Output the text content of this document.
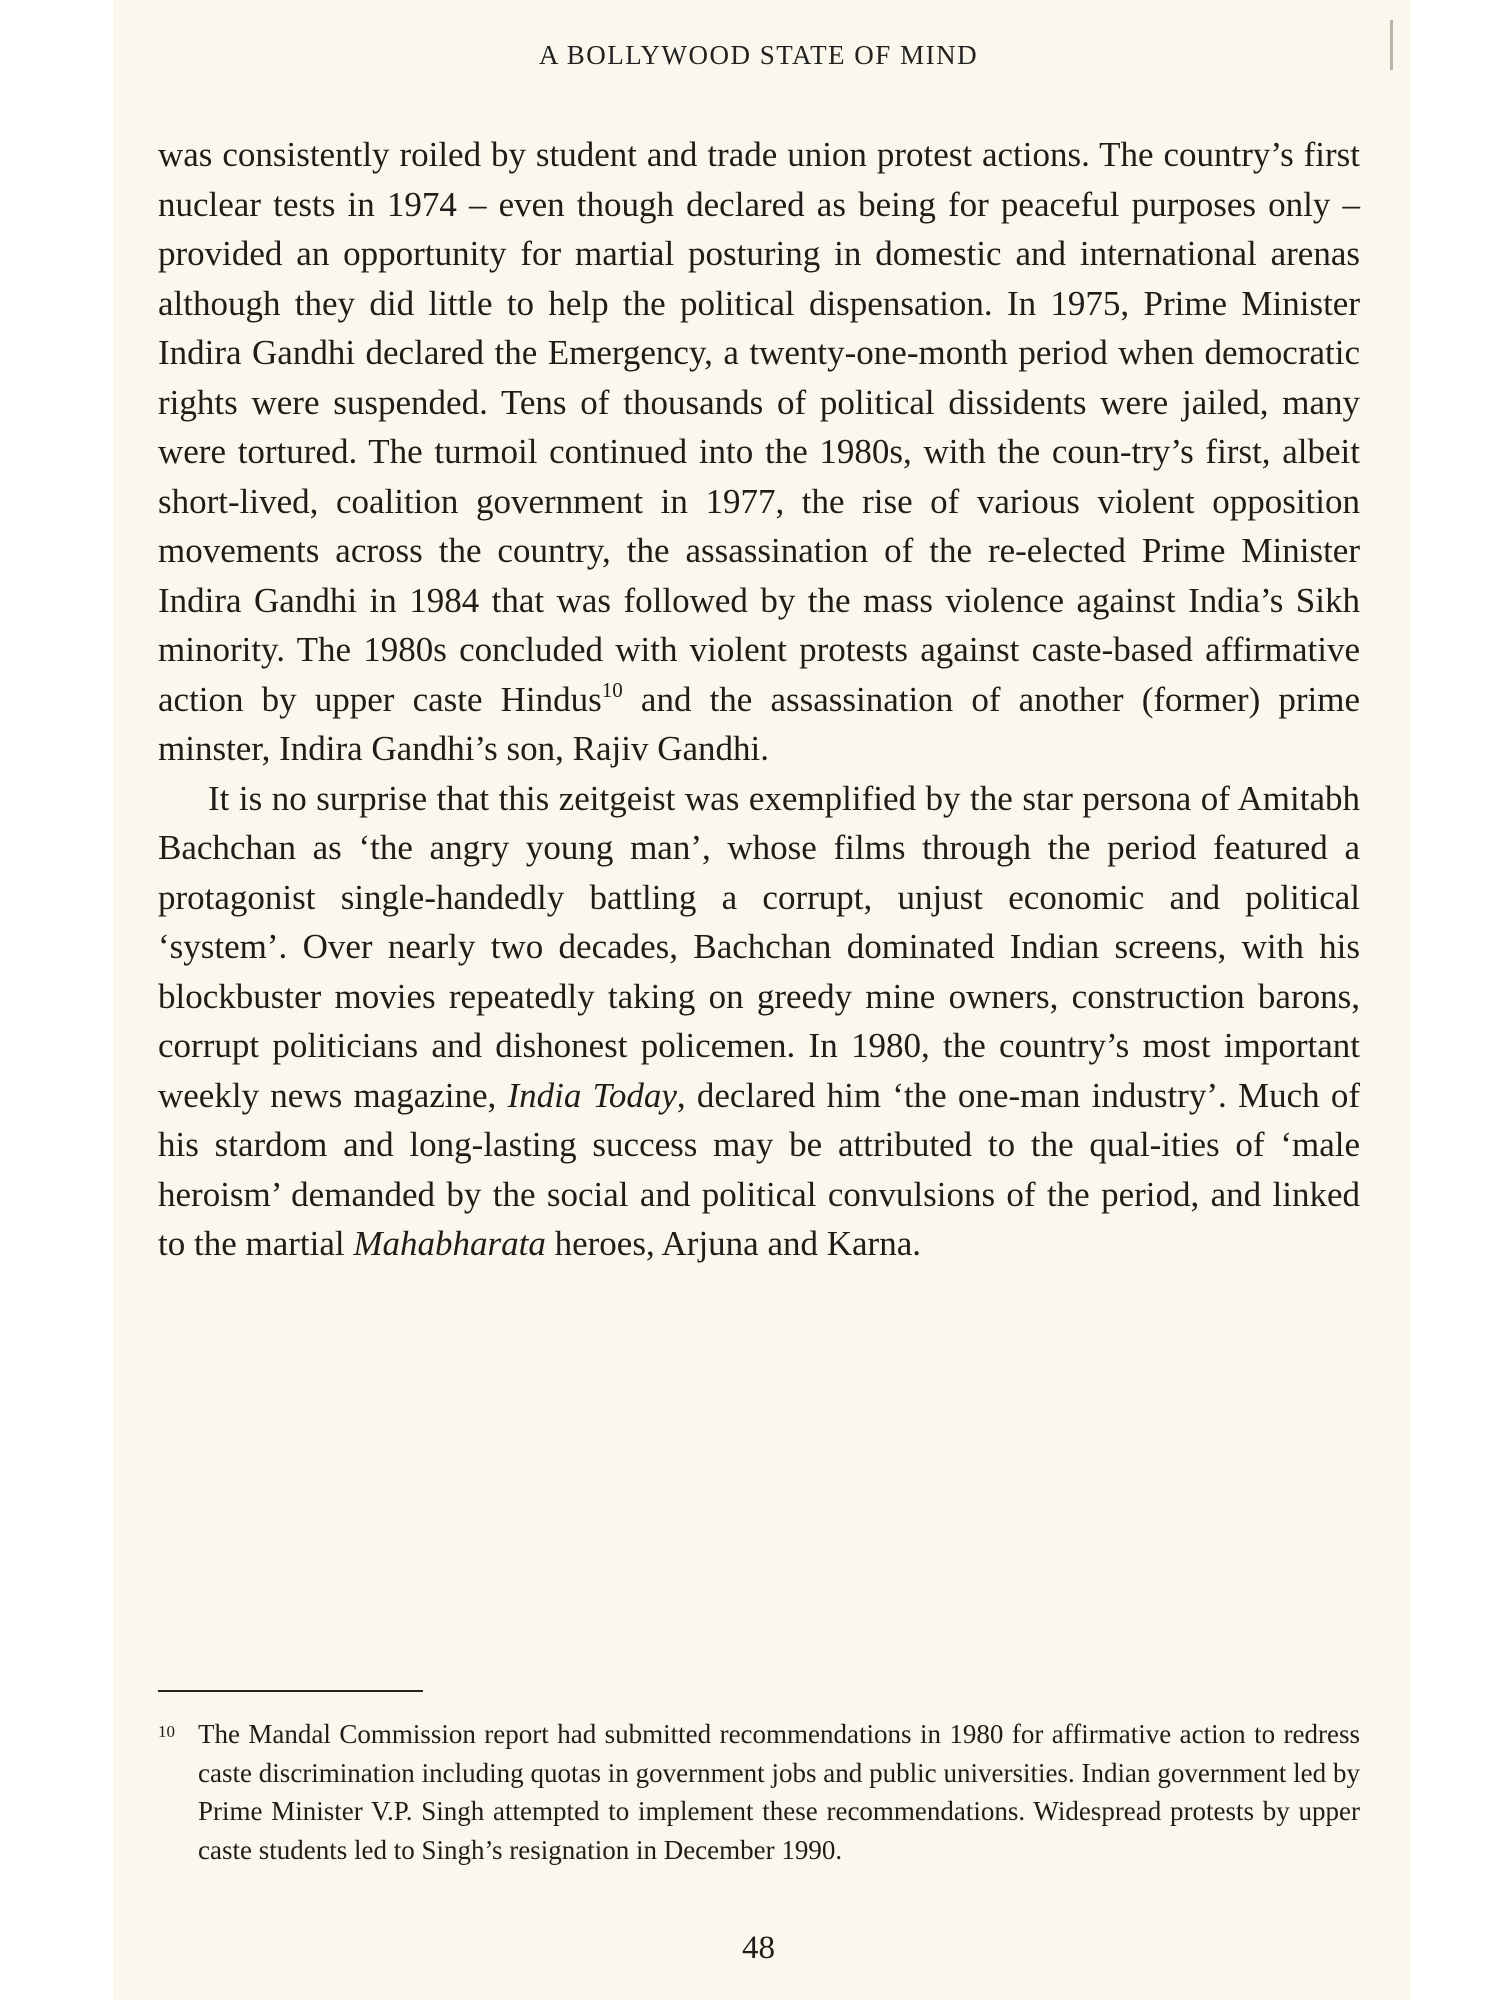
A BOLLYWOOD STATE OF MIND

was consistently roiled by student and trade union protest actions. The country’s first nuclear tests in 1974 – even though declared as being for peaceful purposes only – provided an opportunity for martial posturing in domestic and international arenas although they did little to help the political dispensation. In 1975, Prime Minister Indira Gandhi declared the Emergency, a twenty-one-month period when democratic rights were suspended. Tens of thousands of political dissidents were jailed, many were tortured. The turmoil continued into the 1980s, with the coun-try’s first, albeit short-lived, coalition government in 1977, the rise of various violent opposition movements across the country, the assassination of the re-elected Prime Minister Indira Gandhi in 1984 that was followed by the mass violence against India’s Sikh minority. The 1980s concluded with violent protests against caste-based affirmative action by upper caste Hindus$^{10}$ and the assassination of another (former) prime minster, Indira Gandhi’s son, Rajiv Gandhi.

It is no surprise that this zeitgeist was exemplified by the star persona of Amitabh Bachchan as ‘the angry young man’, whose films through the period featured a protagonist single-handedly battling a corrupt, unjust economic and political ‘system’. Over nearly two decades, Bachchan dominated Indian screens, with his blockbuster movies repeatedly taking on greedy mine owners, construction barons, corrupt politicians and dishonest policemen. In 1980, the country’s most important weekly news magazine, India Today, declared him ‘the one-man industry’. Much of his stardom and long-lasting success may be attributed to the qual-ities of ‘male heroism’ demanded by the social and political convulsions of the period, and linked to the martial Mahabharata heroes, Arjuna and Karna.

10 The Mandal Commission report had submitted recommendations in 1980 for affirmative action to redress caste discrimination including quotas in government jobs and public universities. Indian government led by Prime Minister V.P. Singh attempted to implement these recommendations. Widespread protests by upper caste students led to Singh’s resignation in December 1990.
48
